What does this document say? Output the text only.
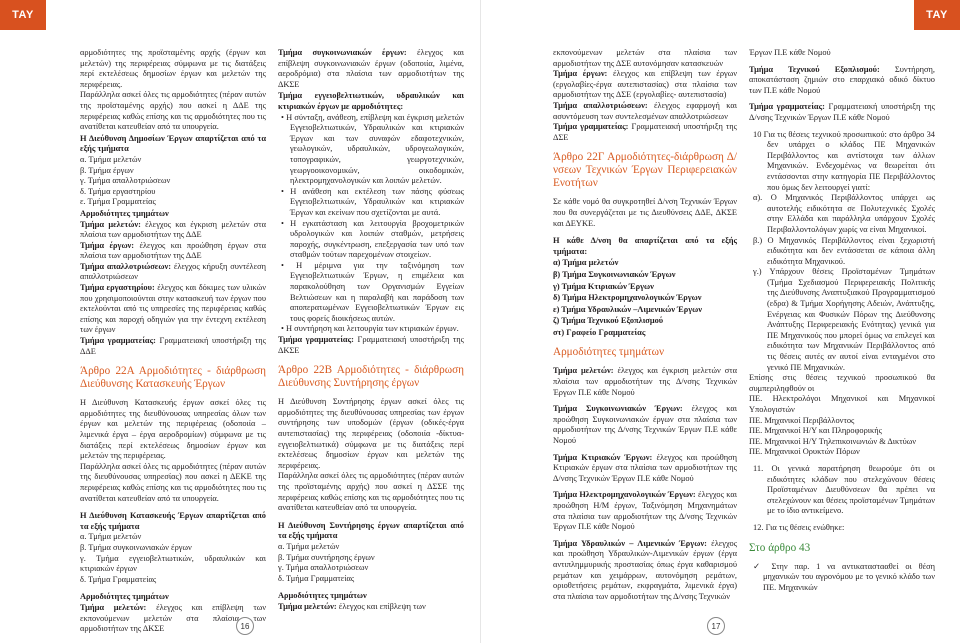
ΤΑΥ

αρμοδιότητες της προϊσταμένης αρχής (έργων και μελετών) της περιφέρειας σύμφωνα με τις διατάξεις περί εκτελέσεως δημοσίων έργων και μελετών της περιφέρειας.

Παράλληλα ασκεί όλες τις αρμοδιότητες (πέραν αυτών της προϊσταμένης αρχής) που ασκεί η ΔΔΕ της περιφέρειας καθώς επίσης και τις αρμοδιότητες που τις ανατίθεται κατευθείαν από τα υπουργεία.

Η Διεύθυνση Δημοσίων Έργων απαρτίζεται από τα εξής τμήματα

α. Τμήμα μελετών

β. Τμήμα έργων

γ. Τμήμα απαλλοτριώσεων

δ. Τμήμα εργαστηρίου

ε. Τμήμα Γραμματείας

Αρμοδιότητες τμημάτων

Τμήμα μελετών: έλεγχος και έγκριση μελετών στα πλαίσια των αρμοδιοτήτων της ΔΔΕ

Τμήμα έργων: έλεγχος και προώθηση έργων στα πλαίσια των αρμοδιοτήτων της ΔΔΕ

Τμήμα απαλλοτριώσεων: έλεγχος κήρυξη συντέλεση απαλλοτριώσεων

Τμήμα εργαστηρίου: έλεγχος και δόκιμες των υλικών που χρησιμοποιούνται στην κατασκευή των έργων που εκτελούνται από τις υπηρεσίες της περιφέρειας καθώς επίσης και παροχή οδηγιών για την έντεχνη εκτέλεση των έργων

Τμήμα γραμματείας: Γραμματειακή υποστήριξη της ΔΔΕ

Άρθρο 22Α Αρμοδιότητες - διάρθρωση Διεύθυνσης Κατασκευής Έργων

Η Διεύθυνση Κατασκευής έργων ασκεί όλες τις αρμοδιότητες της διευθύνουσας υπηρεσίας όλων των έργων και μελετών της περιφέρειας (οδοποιία – λιμενικά έργα – έργα αεροδρομίων) σύμφωνα με τις διατάξεις περί εκτελέσεως δημοσίων έργων και μελετών της περιφέρειας.

Παράλληλα ασκεί όλες τις αρμοδιότητες (πέραν αυτών της διευθύνουσας υπηρεσίας) που ασκεί η ΔΕΚΕ της περιφέρειας καθώς επίσης και τις αρμοδιότητες που τις ανατίθεται κατευθείαν από τα υπουργεία.

Η Διεύθυνση Κατασκευής Έργων απαρτίζεται από τα εξής τμήματα

α. Τμήμα μελετών

β. Τμήμα συγκοινωνιακών έργων

γ. Τμήμα εγγειοβελτιωτικών, υδραυλικών και κτιριακών έργων

δ. Τμήμα Γραμματείας

Αρμοδιότητες τμημάτων

Τμήμα μελετών: έλεγχος και επίβλεψη των εκπονούμενων μελετών στα πλαίσια των αρμοδιοτήτων της ΔΚΣΕ

Τμήμα συγκοινωνιακών έργων: έλεγχος και επίβλεψη συγκοινωνιακών έργων (οδοποιία, λιμένα, αεροδρόμια) στα πλαίσια των αρμοδιοτήτων της ΔΚΣΕ

Τμήμα εγγειοβελτιωτικών, υδραυλικών και κτιριακών έργων με αρμοδιότητες:

• Η σύνταξη, ανάθεση, επίβλεψη και έγκριση μελετών Εγγειοβελτιωτικών, Υδραυλικών και κτιριακών Έργων και των συναφών εδαφοτεχνικών, γεωλογικών, υδραυλικών, υδρογεωλογικών, τοπογραφικών, γεωργοτεχνικών, γεωργοοικονομικών, οικοδομικών, ηλεκτρομηχανολογικών και λοιπών μελετών.

• Η ανάθεση και εκτέλεση των πάσης φύσεως Εγγειοβελτιωτικών, Υδραυλικών και κτιριακών Έργων και εκείνων που σχετίζονται με αυτά.

• Η εγκατάσταση και λειτουργία βροχομετρικών υδρολογικών και λοιπών σταθμών, μετρήσεις παροχής, συγκέντρωση, επεξεργασία των υπό των σταθμών τούτων παρεχομένων στοιχείων.

• Η μέριμνα για την ταξινόμηση των Εγγειοβελτιωτικών Έργων, η επιμέλεια και παρακολούθηση των Οργανισμών Εγγείων Βελτιώσεων και η παραλαβή και παράδοση των αποπερατωμένων Εγγειοβελτιωτικών Έργων εις τους φορείς διοικήσεως αυτών.

• Η συντήρηση και λειτουργία των κτιριακών έργων.

Τμήμα γραμματείας: Γραμματειακή υποστήριξη της ΔΚΣΕ

Άρθρο 22Β Αρμοδιότητες - διάρθρωση Διεύθυνσης Συντήρησης έργων

Η Διεύθυνση Συντήρησης έργων ασκεί όλες τις αρμοδιότητες της διευθύνουσας υπηρεσίας των έργων συντήρησης των υποδομών (έργων (οδικές-έργα αυτεπιστασίας) της περιφέρειας (οδοποιία -δίκτυα-εγγειοβελτιωτικά) σύμφωνα με τις διατάξεις περί εκτελέσεως δημοσίων έργων και μελετών της περιφέρειας.

Παράλληλα ασκεί όλες τις αρμοδιότητες (πέραν αυτών της προϊσταμένης αρχής) που ασκεί η ΔΣΣΕ της περιφέρειας καθώς επίσης και τις αρμοδιότητες που τις ανατίθεται κατευθείαν από τα υπουργεία.

Η Διεύθυνση Συντήρησης έργων απαρτίζεται από τα εξής τμήματα

α. Τμήμα μελετών

β. Τμήμα συντήρησης έργων

γ. Τμήμα απαλλοτριώσεων

δ. Τμήμα Γραμματείας

Αρμοδιότητες τμημάτων

Τμήμα μελετών: έλεγχος και επίβλεψη των

16
ΤΑΥ

εκπονούμενων μελετών στα πλαίσια των αρμοδιοτήτων της ΔΣΕ αυτονόμησαν κατασκευών

Τμήμα έργων: έλεγχος και επίβλεψη των έργων (εργολαβίες-έργα αυτεπιστασίας) στα πλαίσια των αρμοδιοτήτων της ΔΣΕ (εργολαβίες- αυτεπιστασία)

Τμήμα απαλλοτριώσεων: έλεγχος εφαρμογή και ασυντόμευση των συντελεσμένων απαλλοτριώσεων

Τμήμα γραμματείας: Γραμματειακή υποστήριξη της ΔΣΕ

Άρθρο 22Γ Αρμοδιότητες-διάρθρωση Δ/νσεων Τεχνικών Έργων Περιφερειακών Ενοτήτων

Σε κάθε νομό θα συγκροτηθεί Δ/νση Τεχνικών Έργων που θα συνεργάζεται με τις Διευθύνσεις ΔΔΕ, ΔΚΣΕ και ΔΕΥΚΕ.

Η κάθε Δ/νση θα απαρτίζεται από τα εξής τμήματα:

α) Τμήμα μελετών

β) Τμήμα Συγκοινωνιακών Έργων

γ) Τμήμα Κτιριακών Έργων

δ) Τμήμα Ηλεκτρομηχανολογικών Έργων

ε) Τμήμα Υδραυλικών –Λιμενικών Έργων

ζ) Τμήμα Τεχνικού Εξοπλισμού

στ) Γραφείο Γραμματείας

Αρμοδιότητες τμημάτων

Τμήμα μελετών: έλεγχος και έγκριση μελετών στα πλαίσια των αρμοδιοτήτων της Δ/νσης Τεχνικών Έργων Π.Ε κάθε Νομού

Τμήμα Συγκοινωνιακών Έργων: έλεγχος και προώθηση Συγκοινωνιακών έργων στα πλαίσια των αρμοδιοτήτων της Δ/νσης Τεχνικών Έργων Π.Ε κάθε Νομού

Τμήμα Κτιριακών Έργων: έλεγχος και προώθηση Κτιριακών έργων στα πλαίσια των αρμοδιοτήτων της Δ/νσης Τεχνικών Έργων Π.Ε κάθε Νομού

Τμήμα Ηλεκτρομηχανολογικών Έργων: έλεγχος και προώθηση Η/Μ έργων, Ταξινόμηση Μηχανημάτων στα πλαίσια των αρμοδιοτήτων της Δ/νσης Τεχνικών Έργων Π.Ε κάθε Νομού

Τμήμα Υδραυλικών – Λιμενικών Έργων: έλεγχος και προώθηση Υδραυλικών-Λιμενικών έργων (έργα αντιπλημμυρικής προστασίας όπως έργα καθαρισμού ρεμάτων και χειμάρρων, αυτονόμηση ρεμάτων, οριοθετήσεις ρεμάτων, εκφραγμάτα, λιμενικά έργα) στα πλαίσια των αρμοδιοτήτων της Δ/νσης Τεχνικών

Έργων Π.Ε κάθε Νομού

Τμήμα Τεχνικού Εξοπλισμού: Συντήρηση, αποκατάσταση ζημιών στο επαρχιακό οδικό δίκτυο των Π.Ε κάθε Νομού

Τμήμα γραμματείας: Γραμματειακή υποστήριξη της Δ/νσης Τεχνικών Έργων Π.Ε κάθε Νομού

10 Για τις θέσεις τεχνικού προσωπικού: στο άρθρο 34 δεν υπάρχει ο κλάδος ΠΕ Μηχανικών Περιβάλλοντος και αντίστοιχα των άλλων Μηχανικών. Ενδεχομένως να θεωρείται ότι εντάσσονται στην κατηγορία ΠΕ Περιβάλλοντος που όμως δεν λειτουργεί γιατί:

α). Ο Μηχανικός Περιβάλλοντος υπάρχει ως αυτοτελής ειδικότητα σε Πολυτεχνικές Σχολές στην Ελλάδα και παράλληλα υπάρχουν Σχολές Περιβαλλοντολόγων χωρίς να είναι Μηχανικοί.

β.) Ο Μηχανικός Περιβάλλοντος είναι ξεχωριστή ειδικότητα και δεν εντάσσεται σε κάποια άλλη ειδικότητα Μηχανικού.

γ.) Υπάρχουν θέσεις Προϊσταμένων Τμημάτων (Τμήμα Σχεδιασμού Περιφερειακής Πολιτικής της Διεύθυνσης Αναπτυξιακού Προγραμματισμού (εδρα) & Τμήμα Χορήγησης Αδειών, Ανάπτυξης, Ενέργειας και Φυσικών Πόρων της Διεύθυνσης Ανάπτυξης Περιφερειακής Ενότητας) γενικά για ΠΕ Μηχανικούς που μπορεί όμως να επιλεγεί και ειδικότητα των Μηχανικών Περιβάλλοντος από τις θέσεις αυτές αν αυτοί είναι ενταγμένοι στο γενικό ΠΕ Μηχανικών.

Επίσης στις θέσεις τεχνικού προσωπικού θα συμπεριληφθούν οι

ΠΕ. Ηλεκτρολόγοι Μηχανικοί και Μηχανικοί Υπολογιστών

ΠΕ. Μηχανικοί Περιβάλλοντος

ΠΕ. Μηχανικοί Η/Υ και Πληροφορικής

ΠΕ. Μηχανικοί Η/Υ Τηλεπικοινωνιών & Δικτύων

ΠΕ. Μηχανικοί Ορυκτών Πόρων

11. Οι γενικά παρατήρηση θεωρούμε ότι οι ειδικότητες κλάδων που στελεχώνουν θέσεις Προϊσταμένων Διευθύνσεων θα πρέπει να στελεχώνουν και θέσεις προϊσταμένων Τμημάτων με το ίδιο αντικείμενο.

12. Για τις θέσεις ενώθηκε:

Στο άρθρο 43

✓ Στην παρ. 1 να αντικαταστααθεί οι θέση μηχανικών του αγρονόμου με το γενικό κλάδο των ΠΕ. Μηχανικών

17
